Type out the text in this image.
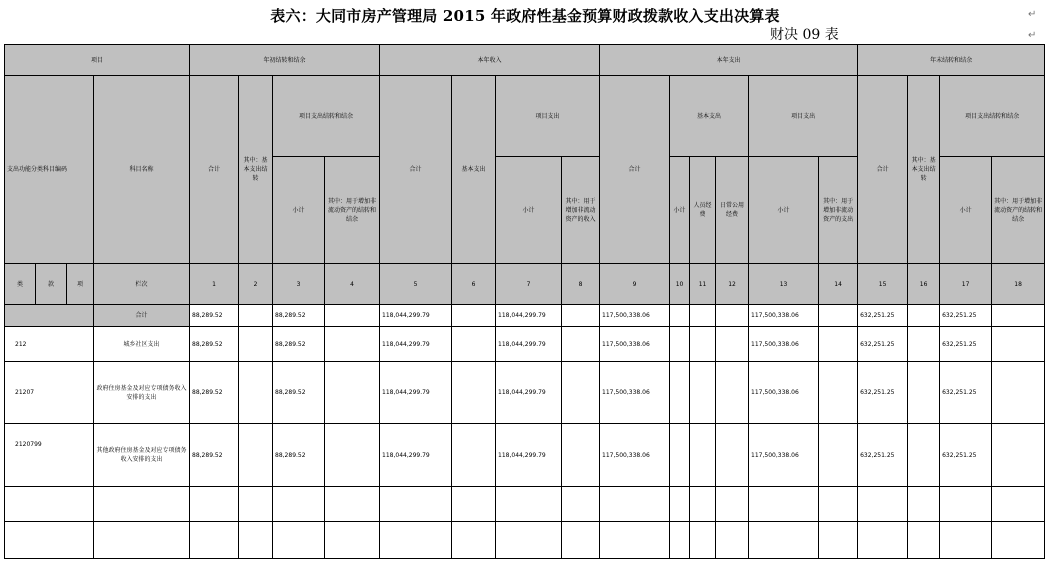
表六：大同市房产管理局 2015 年政府性基金预算财政拨款收入支出决算表	↵
财决 09 表	↵
项目				年初结转和结余				本年收入				本年支出						年末结转和结余			
支出功能分类科目编码			科目名称	合计	其中：基本支出结转	项目支出结转和结余		合计	基本支出	项目支出		合计	基本支出			项目支出		合计	其中：基本支出结转	项目支出结转和结余	
						小计	其中：用于增加非流动资产的结转和结余			小计	其中：用于增加非流动资产的收入		小计	人员经费	日常公用经费	小计	其中：用于增加非流动资产的支出			小计	其中：用于增加非流动资产的结转和结余
类	款	项	栏次	1	2	3	4	5	6	7	8	9	10	11	12	13	14	15	16	17	18
			合计	88,289.52		88,289.52		118,044,299.79		118,044,299.79		117,500,338.06				117,500,338.06		632,251.25		632,251.25	
212			城乡社区支出	88,289.52		88,289.52		118,044,299.79		118,044,299.79		117,500,338.06				117,500,338.06		632,251.25		632,251.25	
21207			政府住房基金及对应专项债务收入安排的支出	88,289.52		88,289.52		118,044,299.79		118,044,299.79		117,500,338.06				117,500,338.06		632,251.25		632,251.25	
2120799			其他政府住房基金及对应专项债务收入安排的支出	88,289.52		88,289.52		118,044,299.79		118,044,299.79		117,500,338.06				117,500,338.06		632,251.25		632,251.25	
